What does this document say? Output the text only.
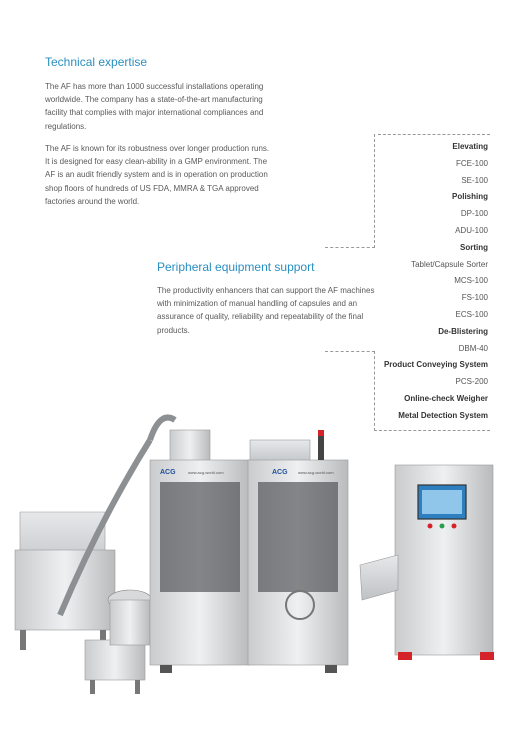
Technical expertise

The AF has more than 1000 successful installations operating worldwide. The company has a state-of-the-art manufacturing facility that complies with major international compliances and regulations.

The AF is known for its robustness over longer production runs. It is designed for easy clean-ability in a GMP environment. The AF is an audit friendly system and is in operation on production shop floors of hundreds of US FDA, MMRA & TGA approved factories around the world.

Peripheral equipment support

The productivity enhancers that can support the AF machines with minimization of manual handling of capsules and an assurance of quality, reliability and repeatability of the final products.

Elevating
FCE-100
SE-100
Polishing
DP-100
ADU-100
Sorting
Tablet/Capsule Sorter
MCS-100
FS-100
ECS-100
De-Blistering
DBM-40
Product Conveying System
PCS-200
Online-check Weigher
Metal Detection System
ACG	ACG
www.acg-world.com	www.acg-world.com
